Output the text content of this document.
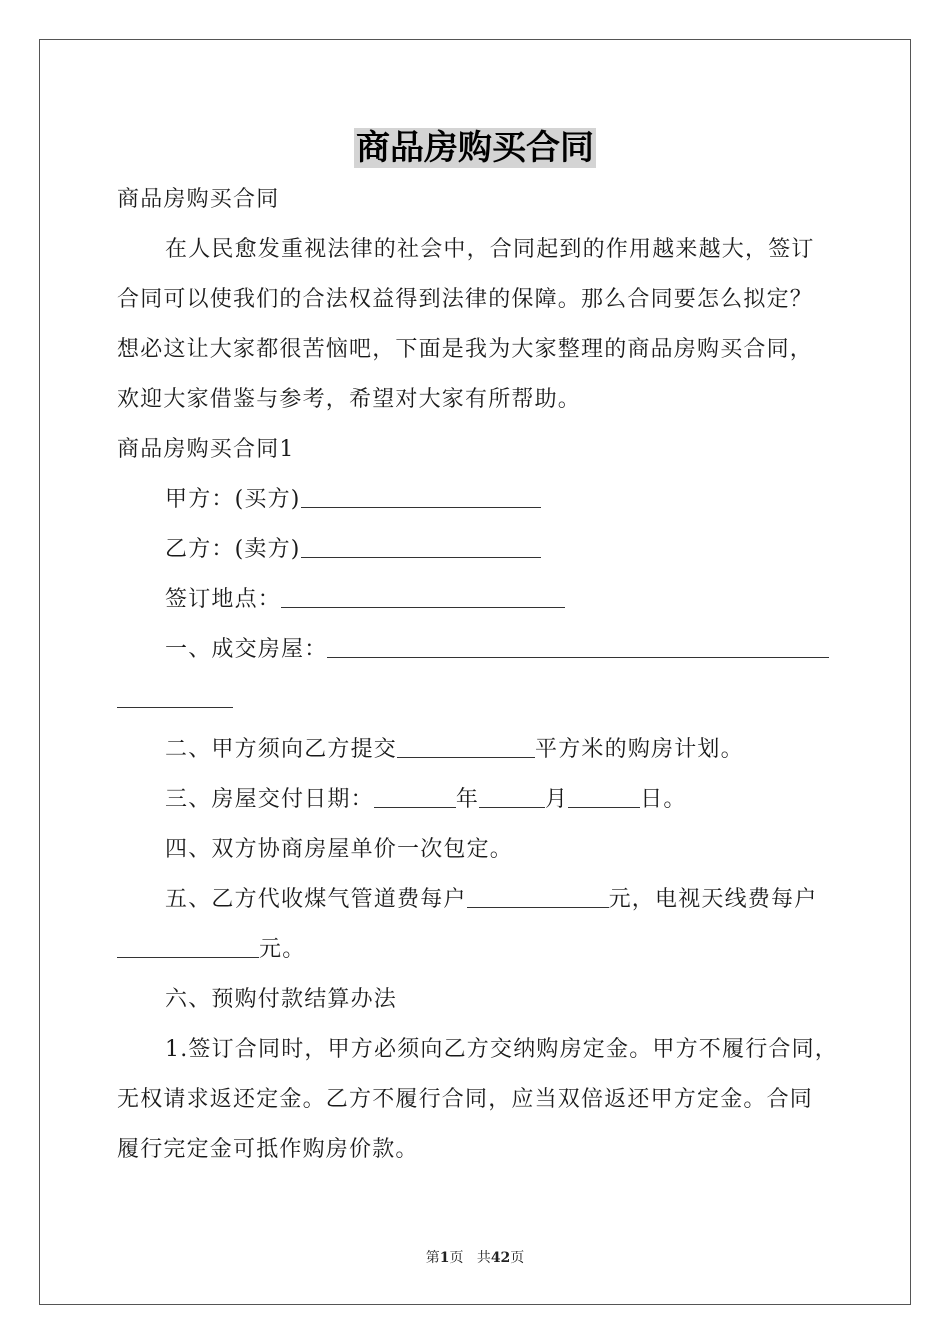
商品房购买合同
商品房购买合同
在人民愈发重视法律的社会中，合同起到的作用越来越大，签订
合同可以使我们的合法权益得到法律的保障。那么合同要怎么拟定？
想必这让大家都很苦恼吧，下面是我为大家整理的商品房购买合同，
欢迎大家借鉴与参考，希望对大家有所帮助。
商品房购买合同1
甲方：(买方)
乙方：(卖方)
签订地点：
一、成交房屋：
二、甲方须向乙方提交	平方米的购房计划。
三、房屋交付日期：	年	月	日。
四、双方协商房屋单价一次包定。
五、乙方代收煤气管道费每户	元，电视天线费每户
元。
六、预购付款结算办法
1.签订合同时，甲方必须向乙方交纳购房定金。甲方不履行合同，
无权请求返还定金。乙方不履行合同，应当双倍返还甲方定金。合同
履行完定金可抵作购房价款。
第1页 共42页
